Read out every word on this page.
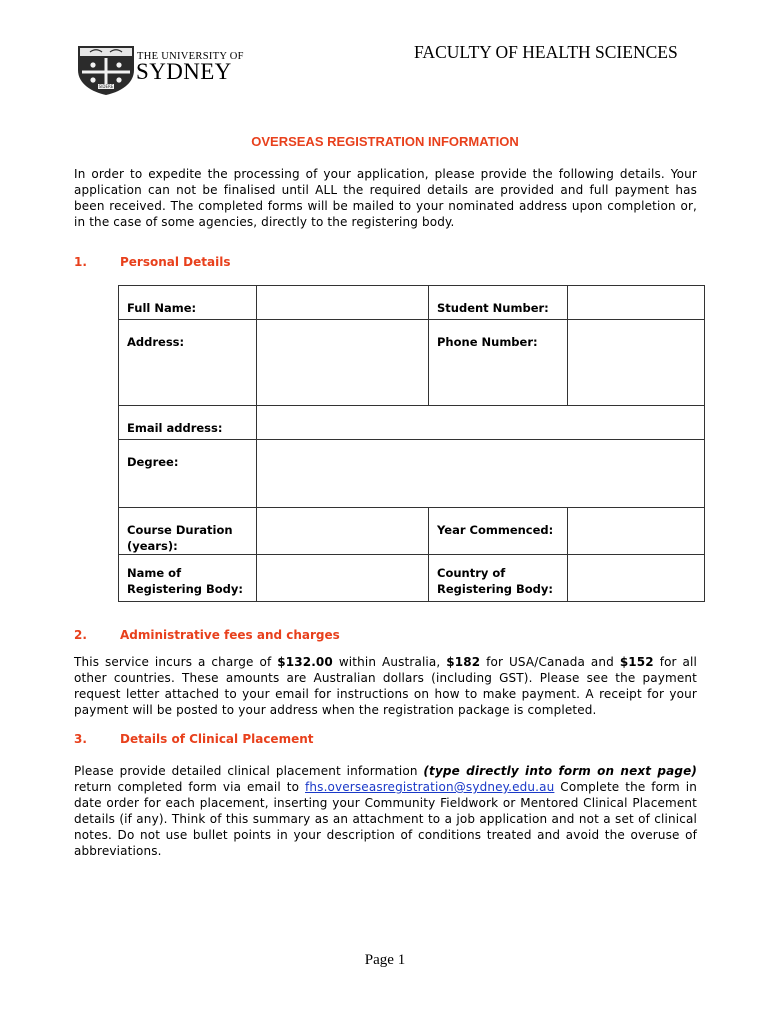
SIDERE
THE UNIVERSITY OF
SYDNEY
FACULTY OF HEALTH SCIENCES
OVERSEAS REGISTRATION INFORMATION
In order to expedite the processing of your application, please provide the following details. Your application can not be finalised until ALL the required details are provided and full payment has been received. The completed forms will be mailed to your nominated address upon completion or, in the case of some agencies, directly to the registering body.
1.	Personal Details
Full Name:		Student Number:	
Address:		Phone Number:	
Email address:			
Degree:			
Course Duration (years):		Year Commenced:	
Name of Registering Body:		Country of Registering Body:	
2.	Administrative fees and charges
This service incurs a charge of $132.00 within Australia, $182 for USA/Canada and $152 for all other countries. These amounts are Australian dollars (including GST). Please see the payment request letter attached to your email for instructions on how to make payment. A receipt for your payment will be posted to your address when the registration package is completed.
3.	Details of Clinical Placement
Please provide detailed clinical placement information (type directly into form on next page) return completed form via email to fhs.overseasregistration@sydney.edu.au Complete the form in date order for each placement, inserting your Community Fieldwork or Mentored Clinical Placement details (if any). Think of this summary as an attachment to a job application and not a set of clinical notes. Do not use bullet points in your description of conditions treated and avoid the overuse of abbreviations.
Page 1
